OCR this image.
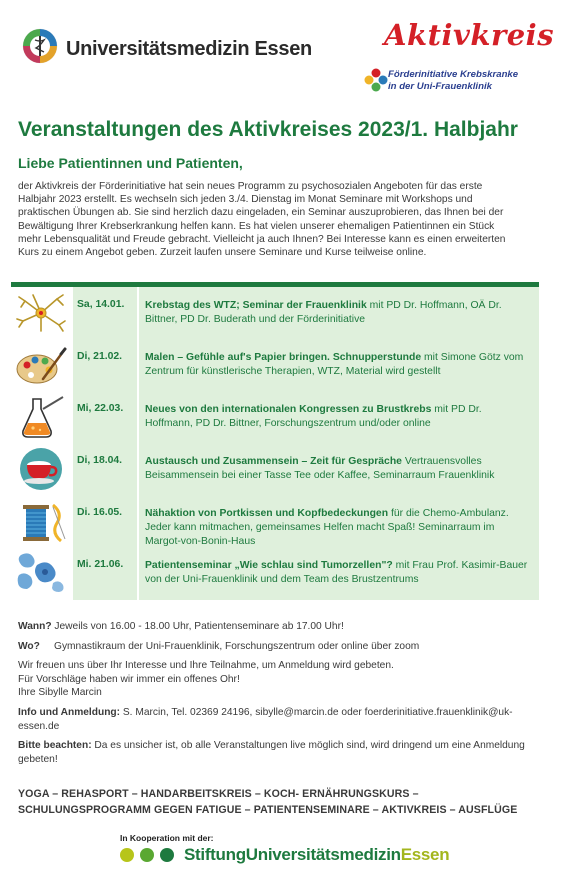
Universitätsmedizin Essen Aktivkreis
Förderinitiative Krebskranke
in der Uni-Frauenklinik
Veranstaltungen des Aktivkreises 2023/1. Halbjahr
Liebe Patientinnen und Patienten,
der Aktivkreis der Förderinitiative hat sein neues Programm zu psychosozialen Angeboten für das erste Halbjahr 2023 erstellt. Es wechseln sich jeden 3./4. Dienstag im Monat Seminare mit Workshops und praktischen Übungen ab. Sie sind herzlich dazu eingeladen, ein Seminar auszuprobieren, das Ihnen bei der Bewältigung Ihrer Krebserkrankung helfen kann. Es hat vielen unserer ehemaligen Patientinnen ein Stück mehr Lebensqualität und Freude gebracht. Vielleicht ja auch Ihnen? Bei Interesse kann es einen erweiterten Kurs zu einem Angebot geben. Zurzeit laufen unsere Seminare und Kurse teilweise online.
Sa, 14.01. Krebstag des WTZ; Seminar der Frauenklinik mit PD Dr. Hoffmann, OÄ Dr. Bittner, PD Dr. Buderath und der Förderinitiative
Di, 21.02. Malen – Gefühle auf's Papier bringen. Schnupperstunde mit Simone Götz vom Zentrum für künstlerische Therapien, WTZ, Material wird gestellt
Mi, 22.03. Neues von den internationalen Kongressen zu Brustkrebs mit PD Dr. Hoffmann, PD Dr. Bittner, Forschungszentrum und/oder online
Di, 18.04. Austausch und Zusammensein – Zeit für Gespräche Vertrauensvolles Beisammensein bei einer Tasse Tee oder Kaffee, Seminarraum Frauenklinik
Di. 16.05. Nähaktion von Portkissen und Kopfbedeckungen für die Chemo-Ambulanz. Jeder kann mitmachen, gemeinsames Helfen macht Spaß! Seminarraum im Margot-von-Bonin-Haus
Mi. 21.06. Patientenseminar „Wie schlau sind Tumorzellen"? mit Frau Prof. Kasimir-Bauer von der Uni-Frauenklinik und dem Team des Brustzentrums

Wann? Jeweils von 16.00 - 18.00 Uhr, Patientenseminare ab 17.00 Uhr!

Wo?     Gymnastikraum der Uni-Frauenklinik, Forschungszentrum oder online über zoom

Wir freuen uns über Ihr Interesse und Ihre Teilnahme, um Anmeldung wird gebeten.
Für Vorschläge haben wir immer ein offenes Ohr!
Ihre Sibylle Marcin

Info und Anmeldung: S. Marcin, Tel. 02369 24196, sibylle@marcin.de oder foerderinitiative.frauenklinik@uk-essen.de

Bitte beachten: Da es unsicher ist, ob alle Veranstaltungen live möglich sind, wird dringend um eine Anmeldung gebeten!

YOGA – REHASPORT – HANDARBEITSKREIS – KOCH- ERNÄHRUNGSKURS –
SCHULUNGSPROGRAMM GEGEN FATIGUE – PATIENTENSEMINARE – AKTIVKREIS – AUSFLÜGE
In Kooperation mit der:
StiftungUniversitätsmedizinEssen
